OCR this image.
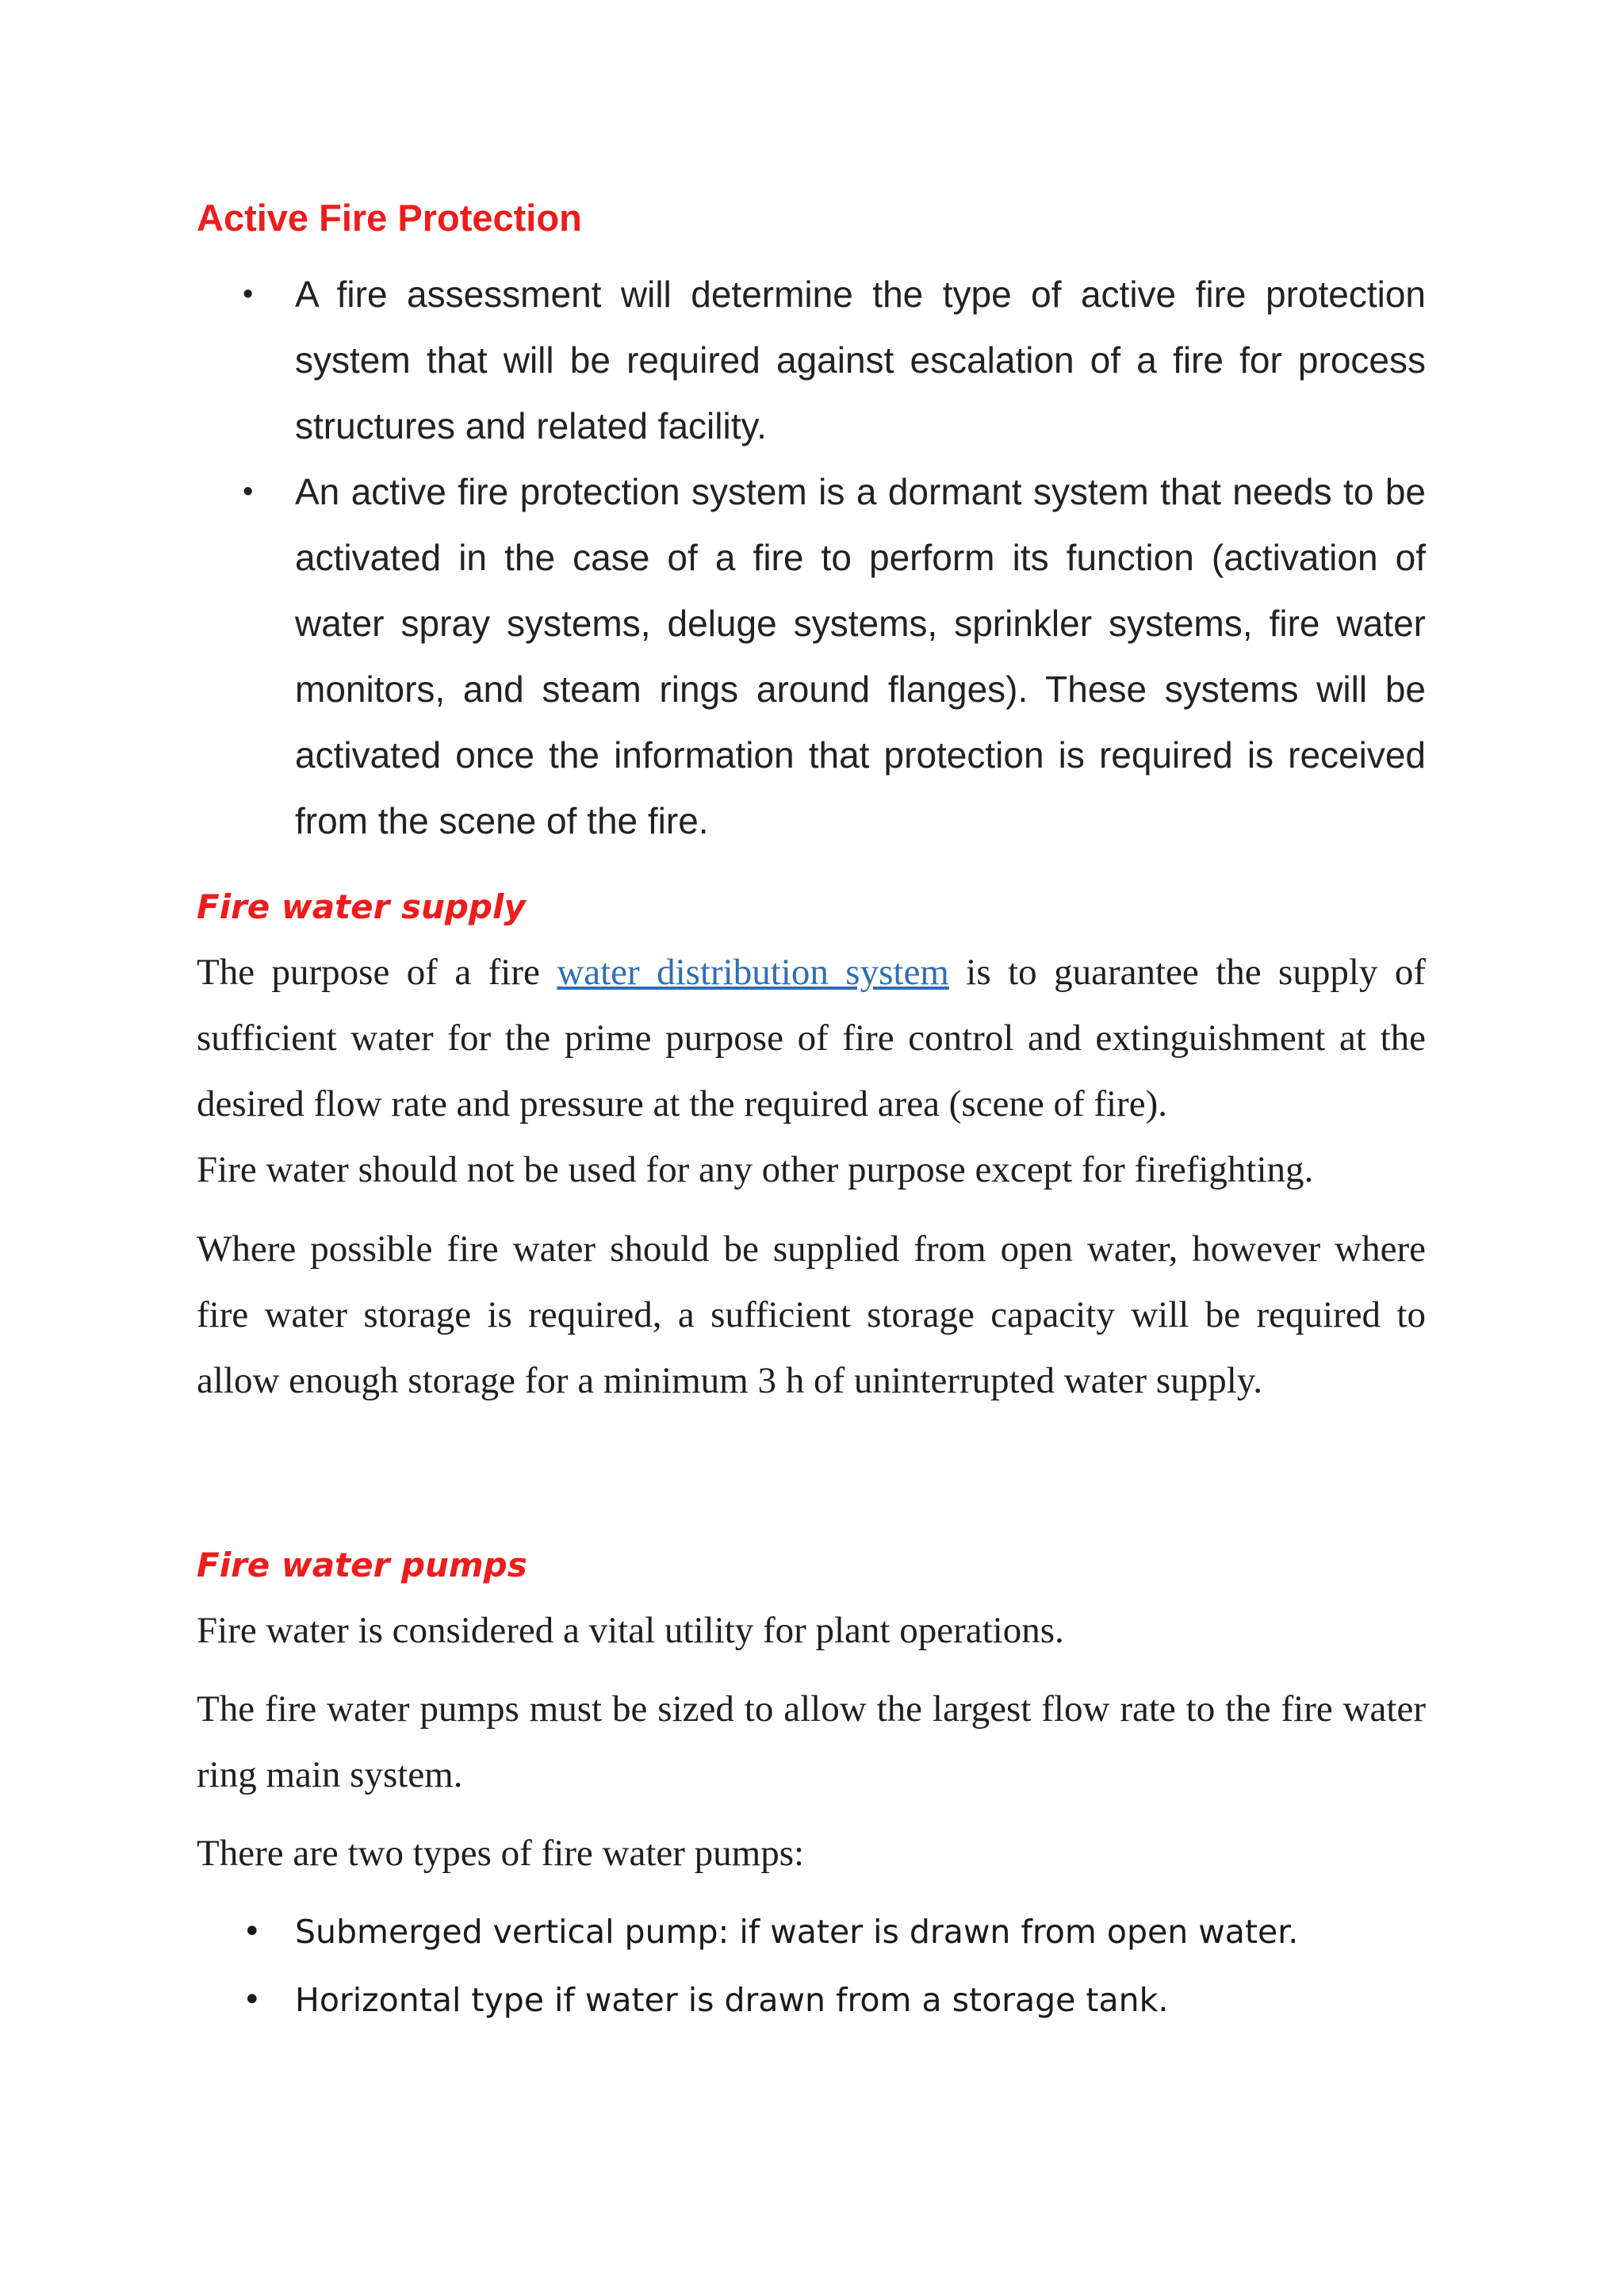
Active Fire Protection
• A fire assessment will determine the type of active fire protection system that will be required against escalation of a fire for process structures and related facility.
• An active fire protection system is a dormant system that needs to be activated in the case of a fire to perform its function (activation of water spray systems, deluge systems, sprinkler systems, fire water monitors, and steam rings around flanges). These systems will be activated once the information that protection is required is received from the scene of the fire.
Fire water supply

The purpose of a fire water distribution system is to guarantee the supply of sufficient water for the prime purpose of fire control and extinguishment at the desired flow rate and pressure at the required area (scene of fire).

Fire water should not be used for any other purpose except for firefighting.

Where possible fire water should be supplied from open water, however where fire water storage is required, a sufficient storage capacity will be required to allow enough storage for a minimum 3 h of uninterrupted water supply.

Fire water pumps

Fire water is considered a vital utility for plant operations.

The fire water pumps must be sized to allow the largest flow rate to the fire water ring main system.

There are two types of fire water pumps:

• Submerged vertical pump: if water is drawn from open water.
• Horizontal type if water is drawn from a storage tank.
